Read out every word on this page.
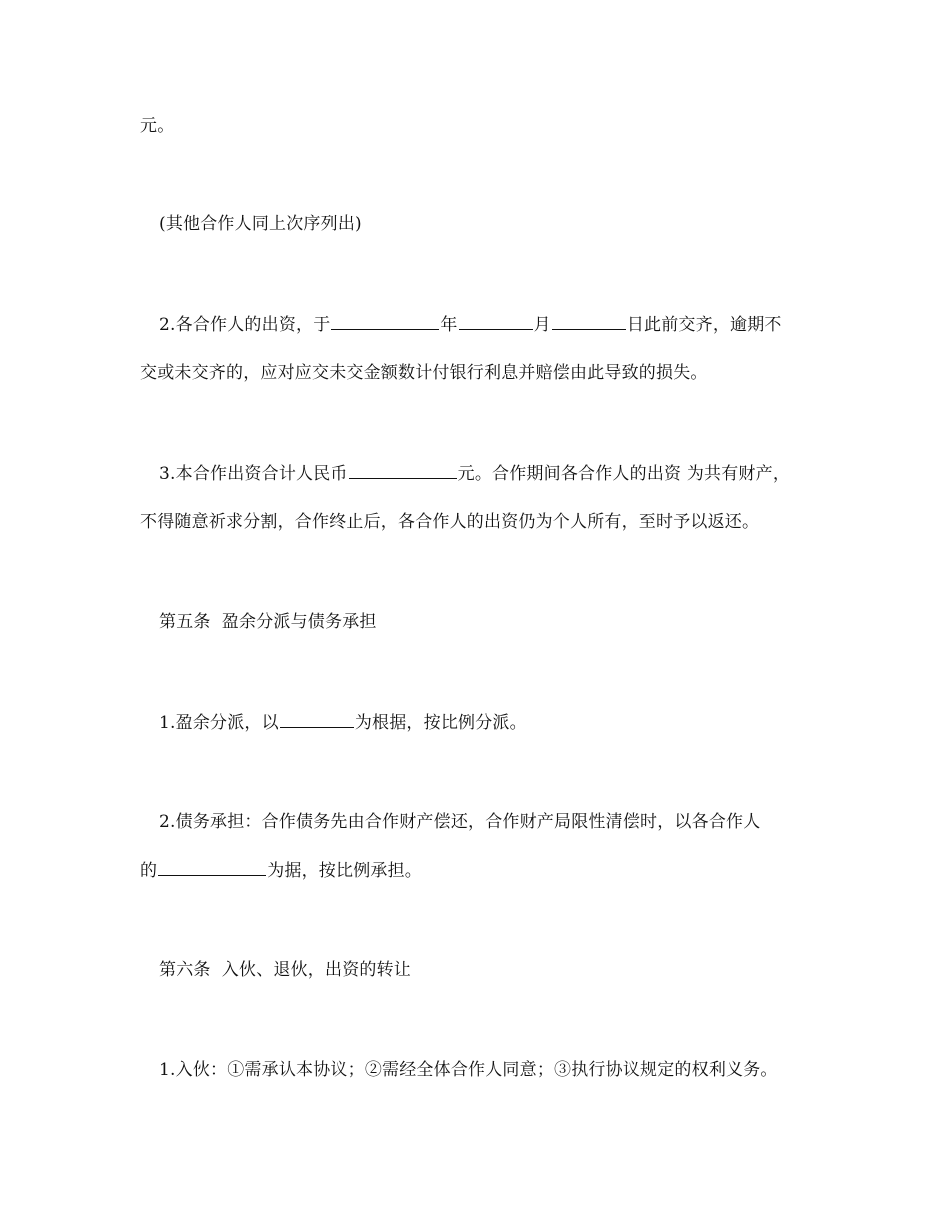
元。
(其他合作人同上次序列出)
2.各合作人的出资，于	年	月	日此前交齐，逾期不
交或未交齐的，应对应交未交金额数计付银行利息并赔偿由此导致的损失。
3.本合作出资合计人民币	元。合作期间各合作人的出资 为共有财产，
不得随意祈求分割，合作终止后，各合作人的出资仍为个人所有，至时予以返还。
第五条  盈余分派与债务承担
1.盈余分派，以	为根据，按比例分派。
2.债务承担：合作债务先由合作财产偿还，合作财产局限性清偿时，以各合作人
的	为据，按比例承担。
第六条  入伙、退伙，出资的转让
1.入伙：①需承认本协议；②需经全体合作人同意；③执行协议规定的权利义务。
